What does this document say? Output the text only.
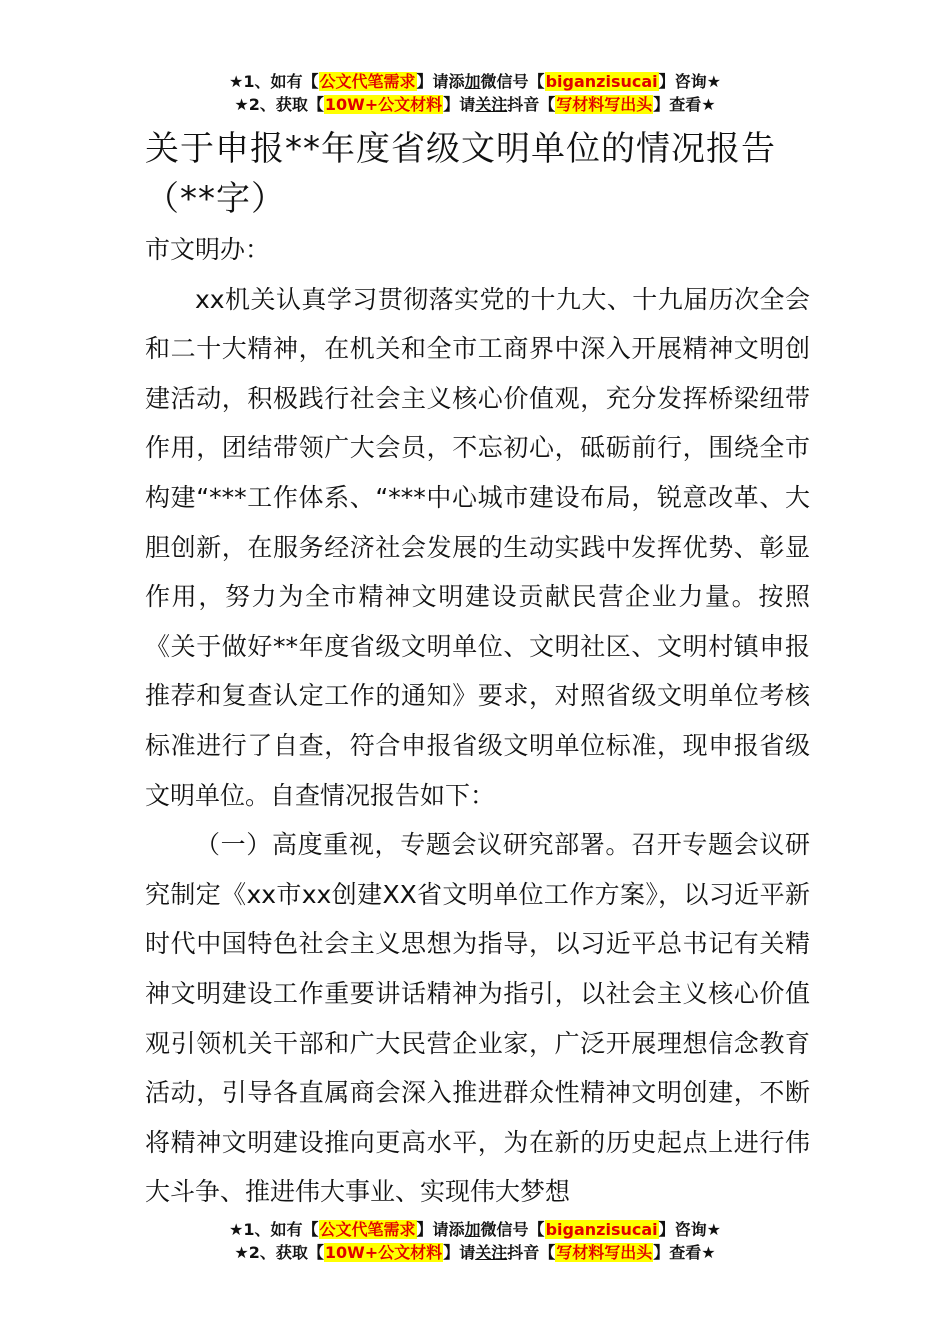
★1、如有【公文代笔需求】请添加微信号【biganzisucai】咨询★
★2、获取【10W+公文材料】请关注抖音【写材料写出头】查看★
关于申报**年度省级文明单位的情况报告（**字）

市文明办：

xx机关认真学习贯彻落实党的十九大、十九届历次全会和二十大精神，在机关和全市工商界中深入开展精神文明创建活动，积极践行社会主义核心价值观，充分发挥桥梁纽带作用，团结带领广大会员，不忘初心，砥砺前行，围绕全市构建“***工作体系、“***中心城市建设布局，锐意改革、大胆创新，在服务经济社会发展的生动实践中发挥优势、彰显作用，努力为全市精神文明建设贡献民营企业力量。按照《关于做好**年度省级文明单位、文明社区、文明村镇申报推荐和复查认定工作的通知》要求，对照省级文明单位考核标准进行了自查，符合申报省级文明单位标准，现申报省级文明单位。自查情况报告如下：

（一）高度重视，专题会议研究部署。召开专题会议研究制定《xx市xx创建XX省文明单位工作方案》，以习近平新时代中国特色社会主义思想为指导，以习近平总书记有关精神文明建设工作重要讲话精神为指引，以社会主义核心价值观引领机关干部和广大民营企业家，广泛开展理想信念教育活动，引导各直属商会深入推进群众性精神文明创建，不断将精神文明建设推向更高水平，为在新的历史起点上进行伟大斗争、推进伟大事业、实现伟大梦想

★1、如有【公文代笔需求】请添加微信号【biganzisucai】咨询★
★2、获取【10W+公文材料】请关注抖音【写材料写出头】查看★
